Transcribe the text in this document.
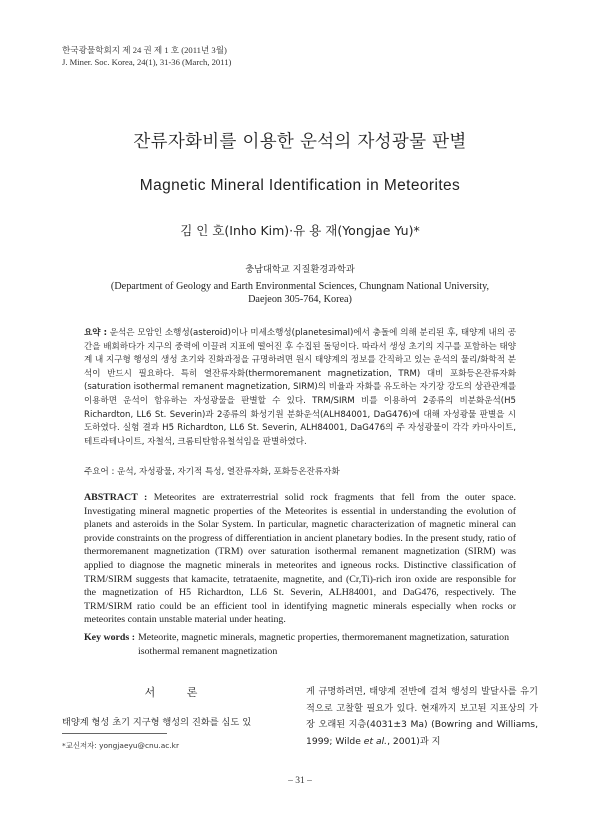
한국광물학회지 제 24 권 제 1 호 (2011년 3월)
J. Miner. Soc. Korea, 24(1), 31-36 (March, 2011)
잔류자화비를 이용한 운석의 자성광물 판별
Magnetic Mineral Identification in Meteorites
김 인 호(Inho Kim)·유 용 재(Yongjae Yu)*
충남대학교 지질환경과학과
(Department of Geology and Earth Environmental Sciences, Chungnam National University,
Daejeon 305-764, Korea)
요약 : 운석은 모암인 소행성(asteroid)이나 미세소행성(planetesimal)에서 충돌에 의해 분리된 후, 태양계 내의 공간을 배회하다가 지구의 중력에 이끌려 지표에 떨어진 후 수집된 돌덩이다. 따라서 생성 초기의 지구를 포함하는 태양계 내 지구형 행성의 생성 초기와 진화과정을 규명하려면 원시 태양계의 정보를 간직하고 있는 운석의 물리/화학적 분석이 반드시 필요하다. 특히 열잔류자화(thermoremanent magnetization, TRM) 대비 포화등온잔류자화(saturation isothermal remanent magnetization, SIRM)의 비율과 자화를 유도하는 자기장 강도의 상관관계를 이용하면 운석이 함유하는 자성광물을 판별할 수 있다. TRM/SIRM 비를 이용하여 2종류의 비분화운석(H5 Richardton, LL6 St. Severin)과 2종류의 화성기원 분화운석(ALH84001, DaG476)에 대해 자성광물 판별을 시도하였다. 실험 결과 H5 Richardton, LL6 St. Severin, ALH84001, DaG476의 주 자성광물이 각각 카마사이트, 테트라테나이트, 자철석, 크롬티탄함유철석임을 판별하였다.
주요어 : 운석, 자성광물, 자기적 특성, 열잔류자화, 포화등온잔류자화
ABSTRACT : Meteorites are extraterrestrial solid rock fragments that fell from the outer space. Investigating mineral magnetic properties of the Meteorites is essential in understanding the evolution of planets and asteroids in the Solar System. In particular, magnetic characterization of magnetic mineral can provide constraints on the progress of differentiation in ancient planetary bodies. In the present study, ratio of thermoremanent magnetization (TRM) over saturation isothermal remanent magnetization (SIRM) was applied to diagnose the magnetic minerals in meteorites and igneous rocks. Distinctive classification of TRM/SIRM suggests that kamacite, tetrataenite, magnetite, and (Cr,Ti)-rich iron oxide are responsible for the magnetization of H5 Richardton, LL6 St. Severin, ALH84001, and DaG476, respectively. The TRM/SIRM ratio could be an efficient tool in identifying magnetic minerals especially when rocks or meteorites contain unstable material under heating.
Key words : Meteorite, magnetic minerals, magnetic properties, thermoremanent magnetization, saturation isothermal remanent magnetization
서 론
태양계 형성 초기 지구형 행성의 진화를 심도 있
*교신저자: yongjaeyu@cnu.ac.kr
게 규명하려면, 태양계 전반에 걸쳐 행성의 발달사를 유기적으로 고찰할 필요가 있다. 현재까지 보고된 지표상의 가장 오래된 지층(4031±3 Ma) (Bowring and Williams, 1999; Wilde et al., 2001)과 지
– 31 –
